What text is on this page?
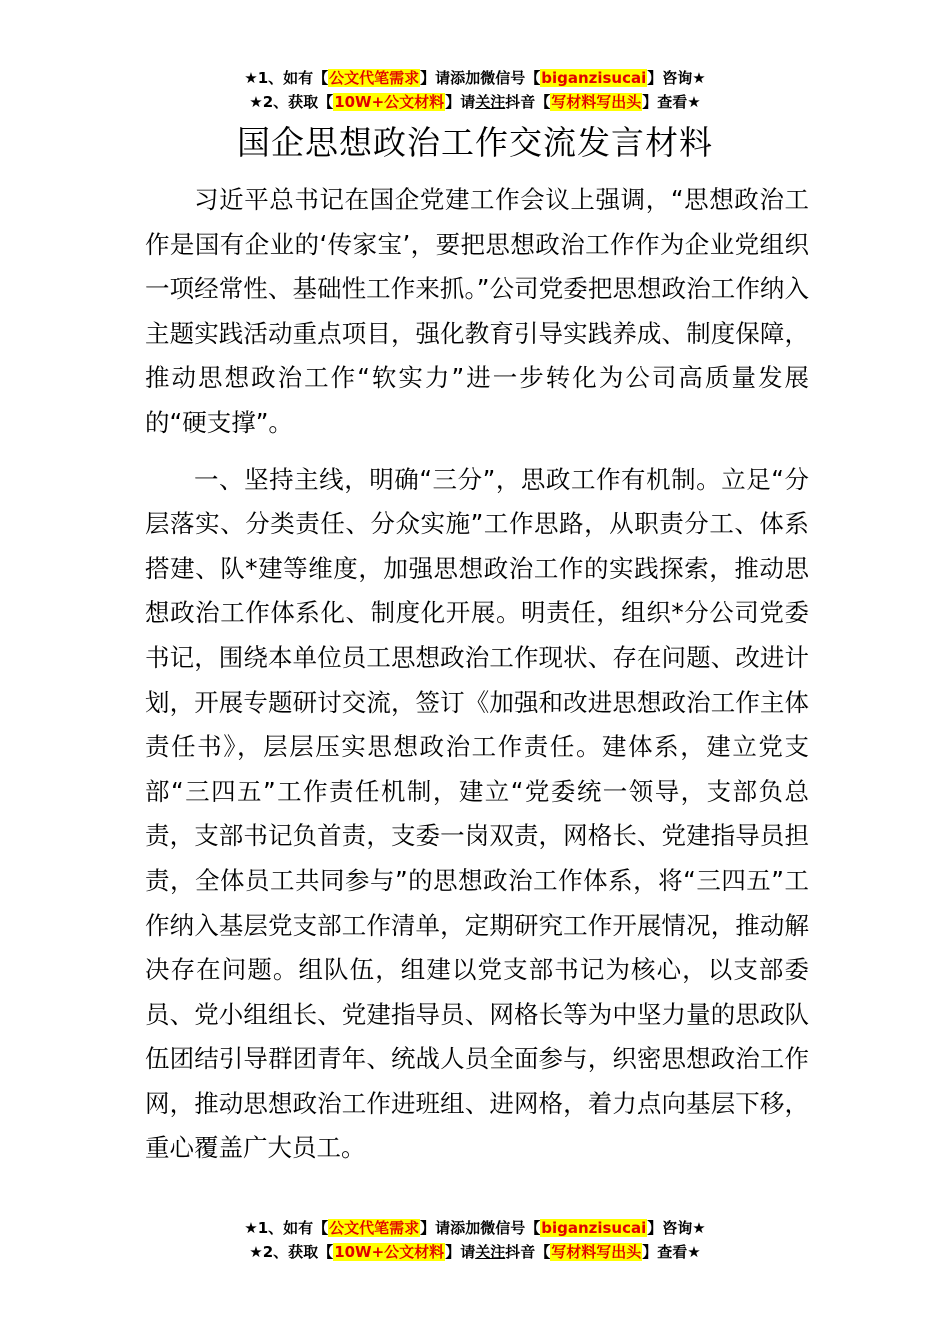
★1、如有【公文代笔需求】请添加微信号【biganzisucai】咨询★
★2、获取【10W+公文材料】请关注抖音【写材料写出头】查看★
国企思想政治工作交流发言材料

习近平总书记在国企党建工作会议上强调，“思想政治工作是国有企业的‘传家宝’，要把思想政治工作作为企业党组织一项经常性、基础性工作来抓。”公司党委把思想政治工作纳入主题实践活动重点项目，强化教育引导实践养成、制度保障，推动思想政治工作“软实力”进一步转化为公司高质量发展的“硬支撑”。

一、坚持主线，明确“三分”，思政工作有机制。立足“分层落实、分类责任、分众实施”工作思路，从职责分工、体系搭建、队*建等维度，加强思想政治工作的实践探索，推动思想政治工作体系化、制度化开展。明责任，组织*分公司党委书记，围绕本单位员工思想政治工作现状、存在问题、改进计划，开展专题研讨交流，签订《加强和改进思想政治工作主体责任书》，层层压实思想政治工作责任。建体系，建立党支部“三四五”工作责任机制，建立“党委统一领导，支部负总责，支部书记负首责，支委一岗双责，网格长、党建指导员担责，全体员工共同参与”的思想政治工作体系，将“三四五”工作纳入基层党支部工作清单，定期研究工作开展情况，推动解决存在问题。组队伍，组建以党支部书记为核心，以支部委员、党小组组长、党建指导员、网格长等为中坚力量的思政队伍团结引导群团青年、统战人员全面参与，织密思想政治工作网，推动思想政治工作进班组、进网格，着力点向基层下移，重心覆盖广大员工。

★1、如有【公文代笔需求】请添加微信号【biganzisucai】咨询★
★2、获取【10W+公文材料】请关注抖音【写材料写出头】查看★
